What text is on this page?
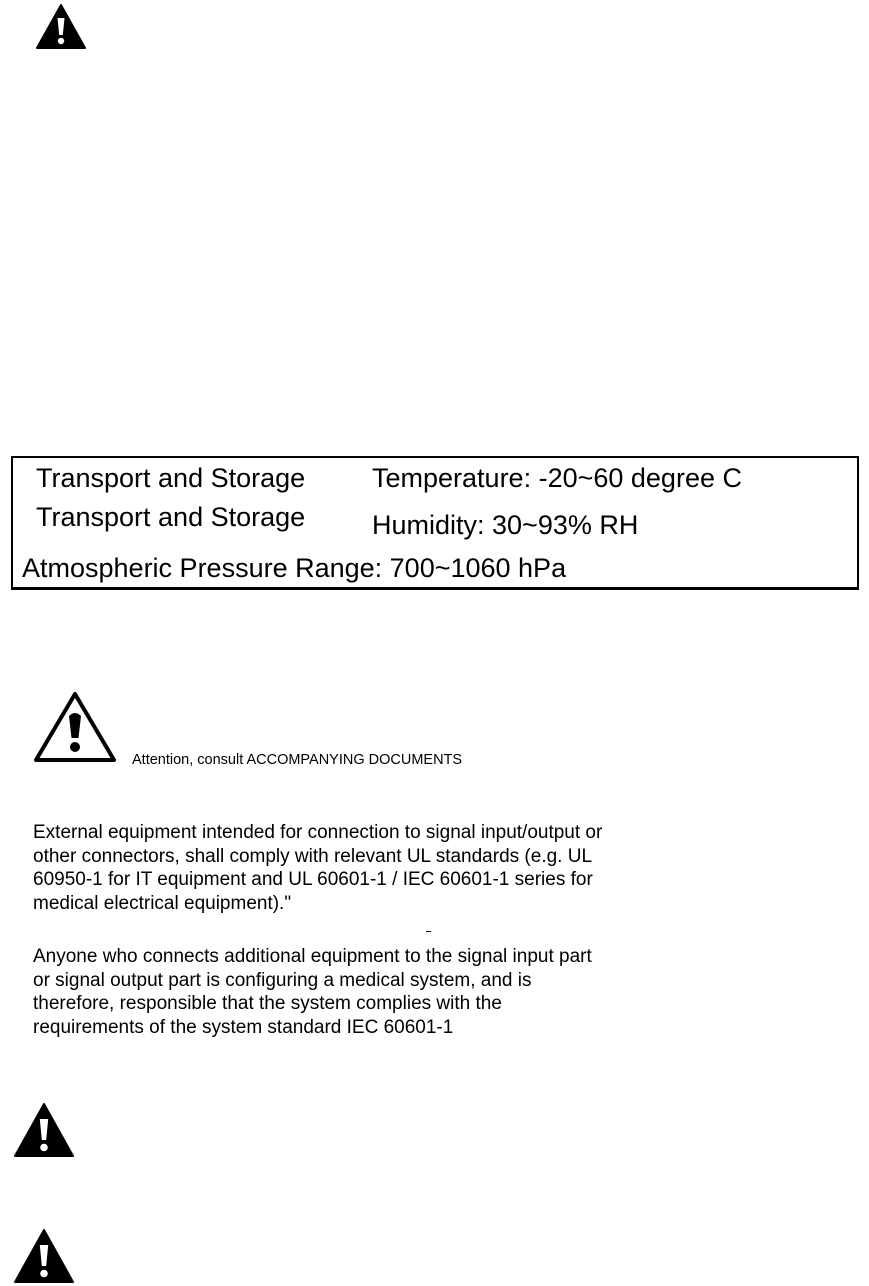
Transport and Storage Temperature: -20~60 degree C
Transport and Storage Humidity: 30~93% RH
Atmospheric Pressure Range: 700~1060 hPa
Attention, consult ACCOMPANYING DOCUMENTS
External equipment intended for connection to signal input/output or
other connectors, shall comply with relevant UL standards (e.g. UL
60950-1 for IT equipment and UL 60601-1 / IEC 60601-1 series for
medical electrical equipment)."
Anyone who connects additional equipment to the signal input part
or signal output part is configuring a medical system, and is
therefore, responsible that the system complies with the
requirements of the system standard IEC 60601-1
